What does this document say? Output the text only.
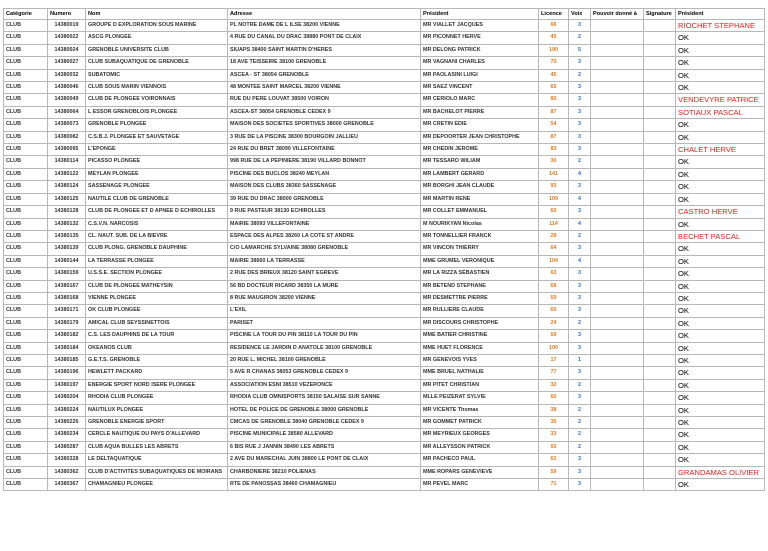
Catégorie	Numero	Nom	Adresse	Président	Licence	Voix	Pouvoir donné à	Signature	Président
CLUB	14380019	GROUPE D EXPLORATION SOUS MARINE	PL NOTRE DAME DE L ILSE 38200 VIENNE	MR VIALLET JACQUES	66	3			RIOCHET STEPHANE
CLUB	14380022	ASCG PLONGEE	4 RUE DU CANAL DU DRAC 38880 PONT DE CLAIX	MR PICONNET HERVE	45	2			OK
CLUB	14380024	GRENOBLE UNIVERSITE CLUB	SIUAPS 38400 SAINT MARTIN D'HERES	MR DELONG PATRICK	190	5			OK
CLUB	14380027	CLUB SUBAQUATIQUE DE GRENOBLE	18 AVE TEISSEIRE 38100 GRENOBLE	MR VAGNANI CHARLES	70	3			OK
CLUB	14380032	SUBATOMIC	ASCEA - ST 38054 GRENOBLE	MR PAOLASINI LUIGI	45	2			OK
CLUB	14380046	CLUB SOUS MARIN VIENNOIS	48 MONTEE SAINT MARCEL 38200 VIENNE	MR SAEZ VINCENT	65	3			OK
CLUB	14380049	CLUB DE PLONGEE VOIRONNAIS	RUE DU PERE LOUVAT 38500 VOIRON	MR CERIOLO MARC	80	3			VENDEVYRE PATRICE
CLUB	14380064	L ESSOR GRENOBLOIS PLONGEE	ASCEA-ST 38054 GRENOBLE CEDEX 9	MR BACHELOT PIERRE	87	3			SOTIAUX PASCAL
CLUB	14380073	GRENOBLE PLONGEE	MAISON DES SOCIETES SPORTIVES 38000 GRENOBLE	MR CRETIN EDIE	54	3			OK
CLUB	14380082	C.S.B.J. PLONGEE ET SAUVETAGE	3 RUE DE LA PISCINE 38300 BOURGOIN JALLIEU	MR DEPOORTER JEAN CHRISTOPHE	87	3			OK
CLUB	14380095	L'EPONGE	24 RUE DU BRET 38090 VILLEFONTAINE	MR CHEDIN JEROME	83	3			CHALET HERVE
CLUB	14380114	PICASSO PLONGEE	998 RUE DE LA PEPINIERE 38190 VILLARD BONNOT	MR TESSARO WILIAM	30	2			OK
CLUB	14380122	MEYLAN PLONGEE	PISCINE DES BUCLOS 38240 MEYLAN	MR LAMBERT GERARD	141	4			OK
CLUB	14380124	SASSENAGE PLONGEE	MAISON DES CLUBS 38360 SASSENAGE	MR BORGHI JEAN CLAUDE	93	3			OK
CLUB	14380125	NAUTILE CLUB DE GRENOBLE	39 RUE DU DRAC 38000 GRENOBLE	MR MARTIN RENE	109	4			OK
CLUB	14380128	CLUB DE PLONGEE ET D APNEE D ECHIROLLES	9 RUE PASTEUR 38130 ECHIROLLES	MR COLLET EMMANUEL	65	3			CASTRO HERVE
CLUB	14380132	C.S.V.N. NARCOSIS	MAIRIE 38093 VILLEFONTAINE	M NOURIKYAN Nicolas	114	4			OK
CLUB	14380135	CL. NAUT. SUB. DE LA BIEVRE	ESPACE DES ALPES 38260 LA COTE ST ANDRE	MR TONNELLIER FRANCK	28	2			BECHET PASCAL
CLUB	14380139	CLUB PLONG. GRENOBLE DAUPHINE	C/O LAMARCHE SYLVAINE 38080 GRENOBLE	MR VINCON THIERRY	64	3			OK
CLUB	14380144	LA TERRASSE PLONGEE	MAIRIE 38660 LA TERRASSE	MME GRUMEL VERONIQUE	104	4			OK
CLUB	14380159	U.S.S.E. SECTION PLONGEE	2 RUE DES BRIEUX 38120 SAINT EGREVE	MR LA RIZZA SÉBASTIEN	63	3			OK
CLUB	14380167	CLUB DE PLONGEE MATHEYSIN	56 BD DOCTEUR RICARD 38350 LA MURE	MR BETEND STEPHANE	68	3			OK
CLUB	14380168	VIENNE PLONGEE	8 RUE MAUGIRON 38200 VIENNE	MR DESMETTRE PIERRE	59	3			OK
CLUB	14380171	OK CLUB PLONGEE	L'EXIL	MR RULLIERE CLAUDE	60	3			OK
CLUB	14380179	AMICAL CLUB SEYSSINETTOIS	PARISET	MR DISCOURS CHRISTOPHE	24	2			OK
CLUB	14380182	C.S. LES DAUPHINS DE LA TOUR	PISCINE LA TOUR DU PIN 38110 LA TOUR DU PIN	MME BATIER CHRISTINE	59	3			OK
CLUB	14380184	OKEANOS CLUB	RESIDENCE LE JARDIN D ANATOLE 38100 GRENOBLE	MME HUET FLORENCE	100	3			OK
CLUB	14380185	G.E.T.S. GRENOBLE	20 RUE L. MICHEL 38100 GRENOBLE	MR GENEVOIS YVES	17	1			OK
CLUB	14380196	HEWLETT PACKARD	5 AVE R CHANAS 38053 GRENOBLE CEDEX 9	MME BRUEL NATHALIE	77	3			OK
CLUB	14380197	ENERGIE SPORT NORD ISERE PLONGEE	ASSOCIATION ESNI 38510 VEZERONCE	MR PITET CHRISTIAN	32	2			OK
CLUB	14380204	RHODIA CLUB PLONGEE	RHODIA CLUB OMNISPORTS 38150 SALAISE SUR SANNE	MLLE PEIZERAT SYLVIE	60	3			OK
CLUB	14380224	NAUTILUX PLONGEE	HOTEL DE POLICE DE GRENOBLE 38000 GRENOBLE	MR VICENTE Thomas	38	2			OK
CLUB	14380226	GRENOBLE ENERGIE SPORT	CMCAS DE GRENOBLE 38040 GRENOBLE CEDEX 9	MR GOMMET PATRICK	35	2			OK
CLUB	14380234	CERCLE NAUTIQUE DU PAYS D'ALLEVARD	PISCINE MUNICIPALE 38580 ALLEVARD	MR MEYRIEUX GEORGES	33	2			OK
CLUB	14380287	CLUB AQUA BULLES LES ABRETS	6 BIS RUE J JANNIN 38490 LES ABRETS	MR ALLEYSSON PATRICK	50	2			OK
CLUB	14380328	LE DELTAQUATIQUE	2 AVE DU MARECHAL JUIN 38800 LE PONT DE CLAIX	MR PACHECO PAUL	62	3			OK
CLUB	14380362	CLUB D'ACTIVITES SUBAQUATIQUES DE MOIRANS	CHARBONIERE 38210 POLIENAS	MME ROPARS GENEVIEVE	59	3			GRANDAMAS OLIVIER
CLUB	14380367	CHAMAGNIEU PLONGEE	RTE DE PANOSSAS 38460 CHAMAGNIEU	MR PEVEL MARC	71	3			OK
